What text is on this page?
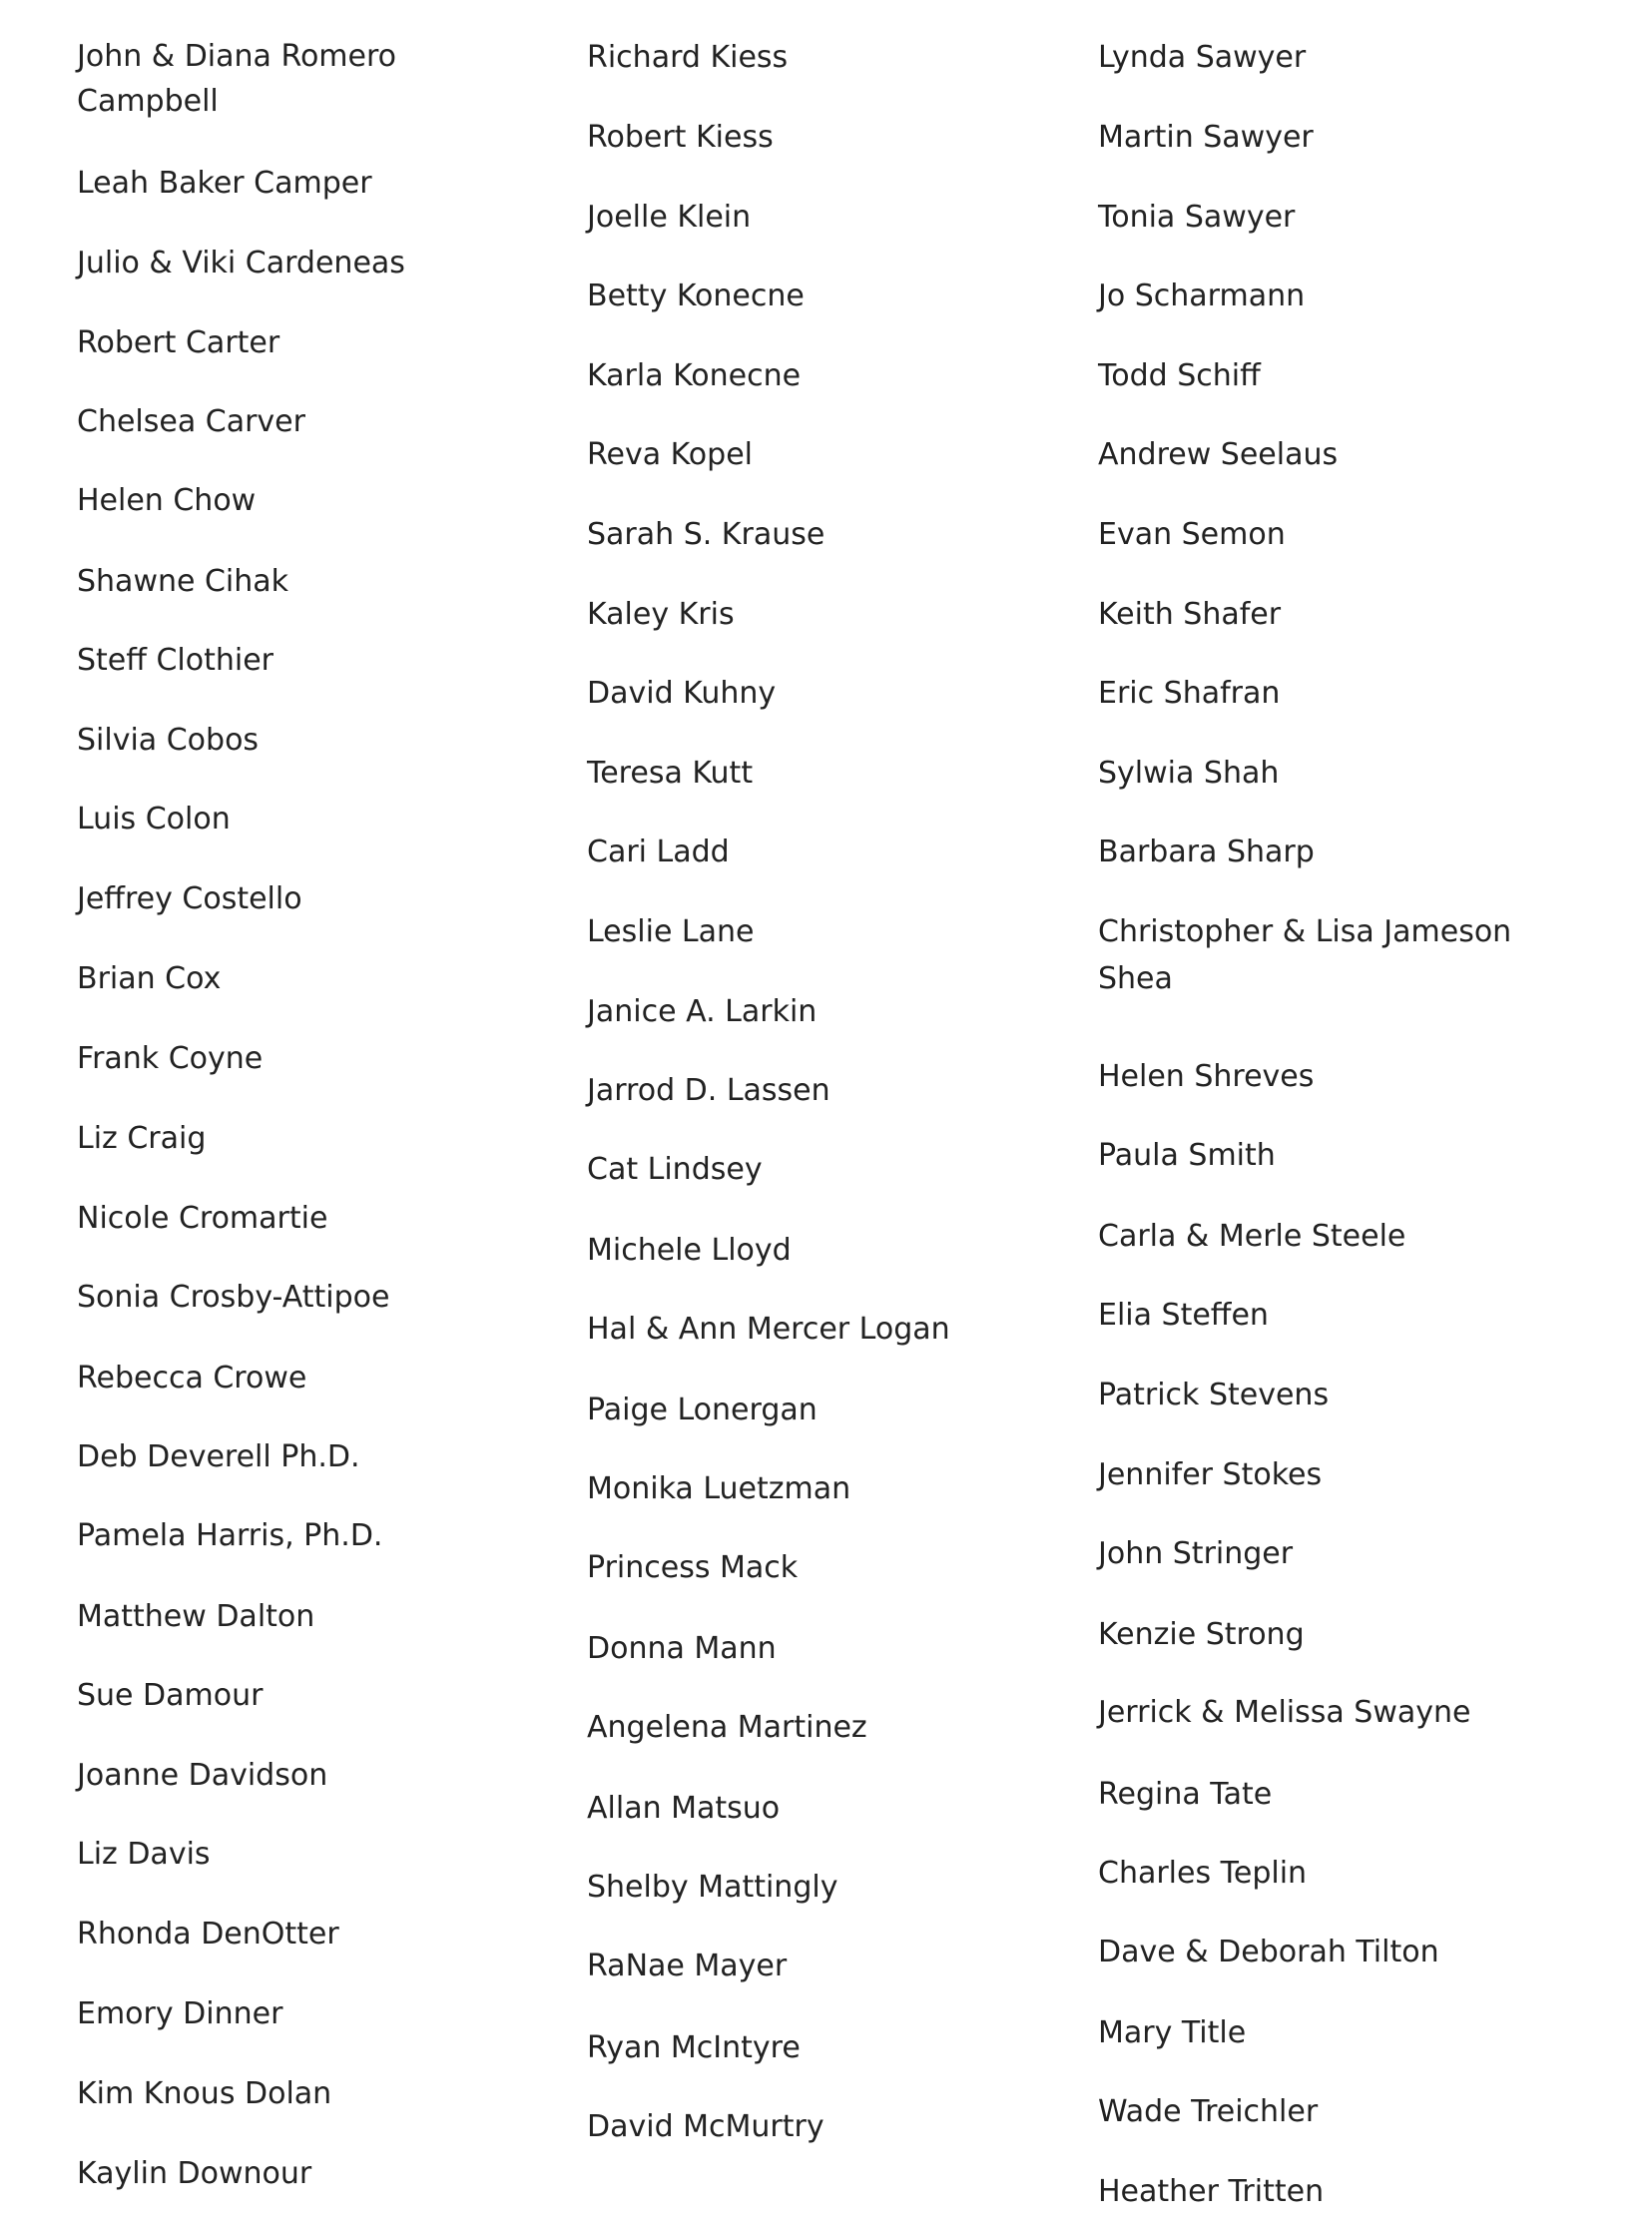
John & Diana Romero Campbell
Leah Baker Camper
Julio & Viki Cardeneas
Robert Carter
Chelsea Carver
Helen Chow
Shawne Cihak
Steff Clothier
Silvia Cobos
Luis Colon
Jeffrey Costello
Brian Cox
Frank Coyne
Liz Craig
Nicole Cromartie
Sonia Crosby-Attipoe
Rebecca Crowe
Deb Deverell Ph.D.
Pamela Harris, Ph.D.
Matthew Dalton
Sue Damour
Joanne Davidson
Liz Davis
Rhonda DenOtter
Emory Dinner
Kim Knous Dolan
Kaylin Downour
Richard Kiess
Robert Kiess
Joelle Klein
Betty Konecne
Karla Konecne
Reva Kopel
Sarah S. Krause
Kaley Kris
David Kuhny
Teresa Kutt
Cari Ladd
Leslie Lane
Janice A. Larkin
Jarrod D. Lassen
Cat Lindsey
Michele Lloyd
Hal & Ann Mercer Logan
Paige Lonergan
Monika Luetzman
Princess Mack
Donna Mann
Angelena Martinez
Allan Matsuo
Shelby Mattingly
RaNae Mayer
Ryan McIntyre
David McMurtry
Lynda Sawyer
Martin Sawyer
Tonia Sawyer
Jo Scharmann
Todd Schiff
Andrew Seelaus
Evan Semon
Keith Shafer
Eric Shafran
Sylwia Shah
Barbara Sharp
Christopher & Lisa Jameson Shea
Helen Shreves
Paula Smith
Carla & Merle Steele
Elia Steffen
Patrick Stevens
Jennifer Stokes
John Stringer
Kenzie Strong
Jerrick & Melissa Swayne
Regina Tate
Charles Teplin
Dave & Deborah Tilton
Mary Title
Wade Treichler
Heather Tritten
